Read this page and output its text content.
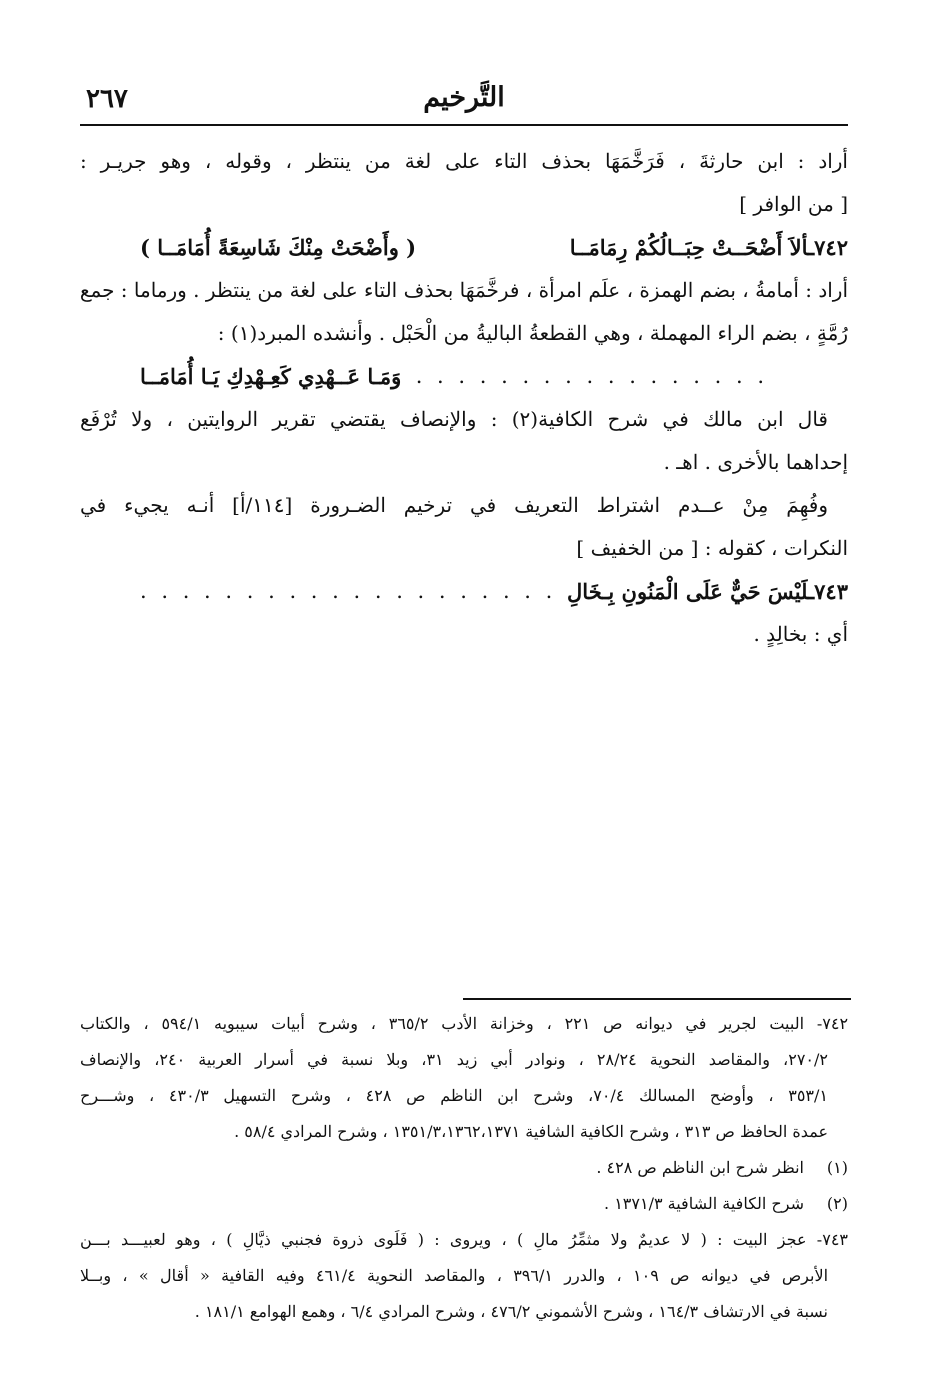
٢٦٧	التَّرخيم
أراد : ابن حارثةَ ، فَرَخَّمَهَا بحذف التاء على لغة من ينتظر ، وقوله ، وهو جريـر :
[ من الوافر ]
٧٤٢ـألاَ أَضْحَــتْ حِبَــالُكُمْ رِمَامَــا
( وأَضْحَتْ مِنْكَ شَاسِعَةً أُمَامَــا )
أراد : أمامةُ ، بضم الهمزة ، علَم امرأة ، فرخَّمَهَا بحذف التاء على لغة من ينتظر . ورماما : جمع
رُمَّةٍ ، بضم الراء المهملة ، وهي القطعةُ الباليةُ من الْحَبْل . وأنشده المبرد(١) :
. . . . . . . . . . . . . . . . .
وَمَـا عَــهْدِي كَعِـهْدِكِ يَـا أُمَامَــا
قال ابن مالك في شرح الكافية(٢) : والإنصاف يقتضي تقرير الروايتين ، ولا تُرْفَع
إحداهما بالأخرى . اهـ .
وفُهِمَ مِنْ عــدم اشتراط التعريف في ترخيم الضـرورة [١١٤/أ] أنـه يجيء في
النكرات ، كقوله : [ من الخفيف ]
٧٤٣ـلَيْسَ حَيٌّ عَلَى الْمَنُونِ بِـخَالِ
. . . . . . . . . . . . . . . . . . . .
أي : بخالِدٍ .
٧٤٢- البيت لجرير في ديوانه ص ٢٢١ ، وخزانة الأدب ٣٦٥/٢ ، وشرح أبيات سيبويه ٥٩٤/١ ، والكتاب
٢٧٠/٢، والمقاصد النحوية ٢٨/٢٤ ، ونوادر أبي زيد ٣١، وبلا نسبة في أسرار العربية ٢٤٠، والإنصاف
٣٥٣/١ ، وأوضح المسالك ٧٠/٤، وشرح ابن الناظم ص ٤٢٨ ، وشرح التسهيل ٤٣٠/٣ ، وشـــرح
عمدة الحافظ ص ٣١٣ ، وشرح الكافية الشافية ١٣٥١/٣،١٣٦٢،١٣٧١ ، وشرح المرادي ٥٨/٤ .
(١)انظر شرح ابن الناظم ص ٤٢٨ .
(٢)شرح الكافية الشافية ١٣٧١/٣ .
٧٤٣- عجز البيت : ( لا عديمٌ ولا مثمِّرُ مالِ ) ، ويروى : ( فَلَوى ذروة فجنبي ذيَّالِ ) ، وهو لعبيـــد بـــن
الأبرص في ديوانه ص ١٠٩ ، والدرر ٣٩٦/١ ، والمقاصد النحوية ٤٦١/٤ وفيه القافية « أقال » ، وبــلا
نسبة في الارتشاف ١٦٤/٣ ، وشرح الأشموني ٤٧٦/٢ ، وشرح المرادي ٦/٤ ، وهمع الهوامع ١٨١/١ .
